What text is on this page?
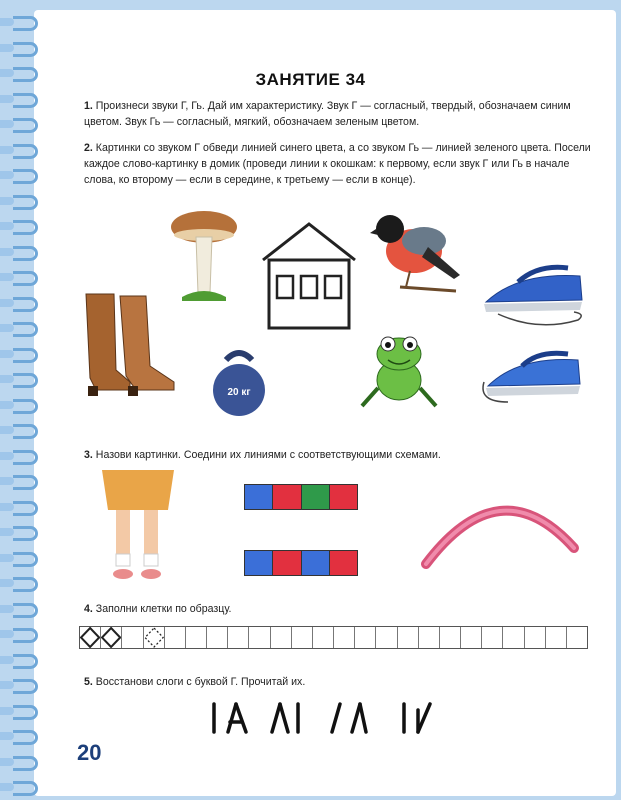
ЗАНЯТИЕ 34
1. Произнеси звуки Г, Гь. Дай им характеристику. Звук Г — согласный, твердый, обозначаем синим цветом. Звук Гь — согласный, мягкий, обозначаем зеленым цветом.
2. Картинки со звуком Г обведи линией синего цвета, а со звуком Гь — линией зеленого цвета. Посели каждое слово-картинку в домик (проведи линии к окошкам: к первому, если звук Г или Гь в начале слова, ко второму — если в середине, к третьему — если в конце).
20 кг
3. Назови картинки. Соедини их линиями с соответствующими схемами.
4. Заполни клетки по образцу.
5. Восстанови слоги с буквой Г. Прочитай их.
20
